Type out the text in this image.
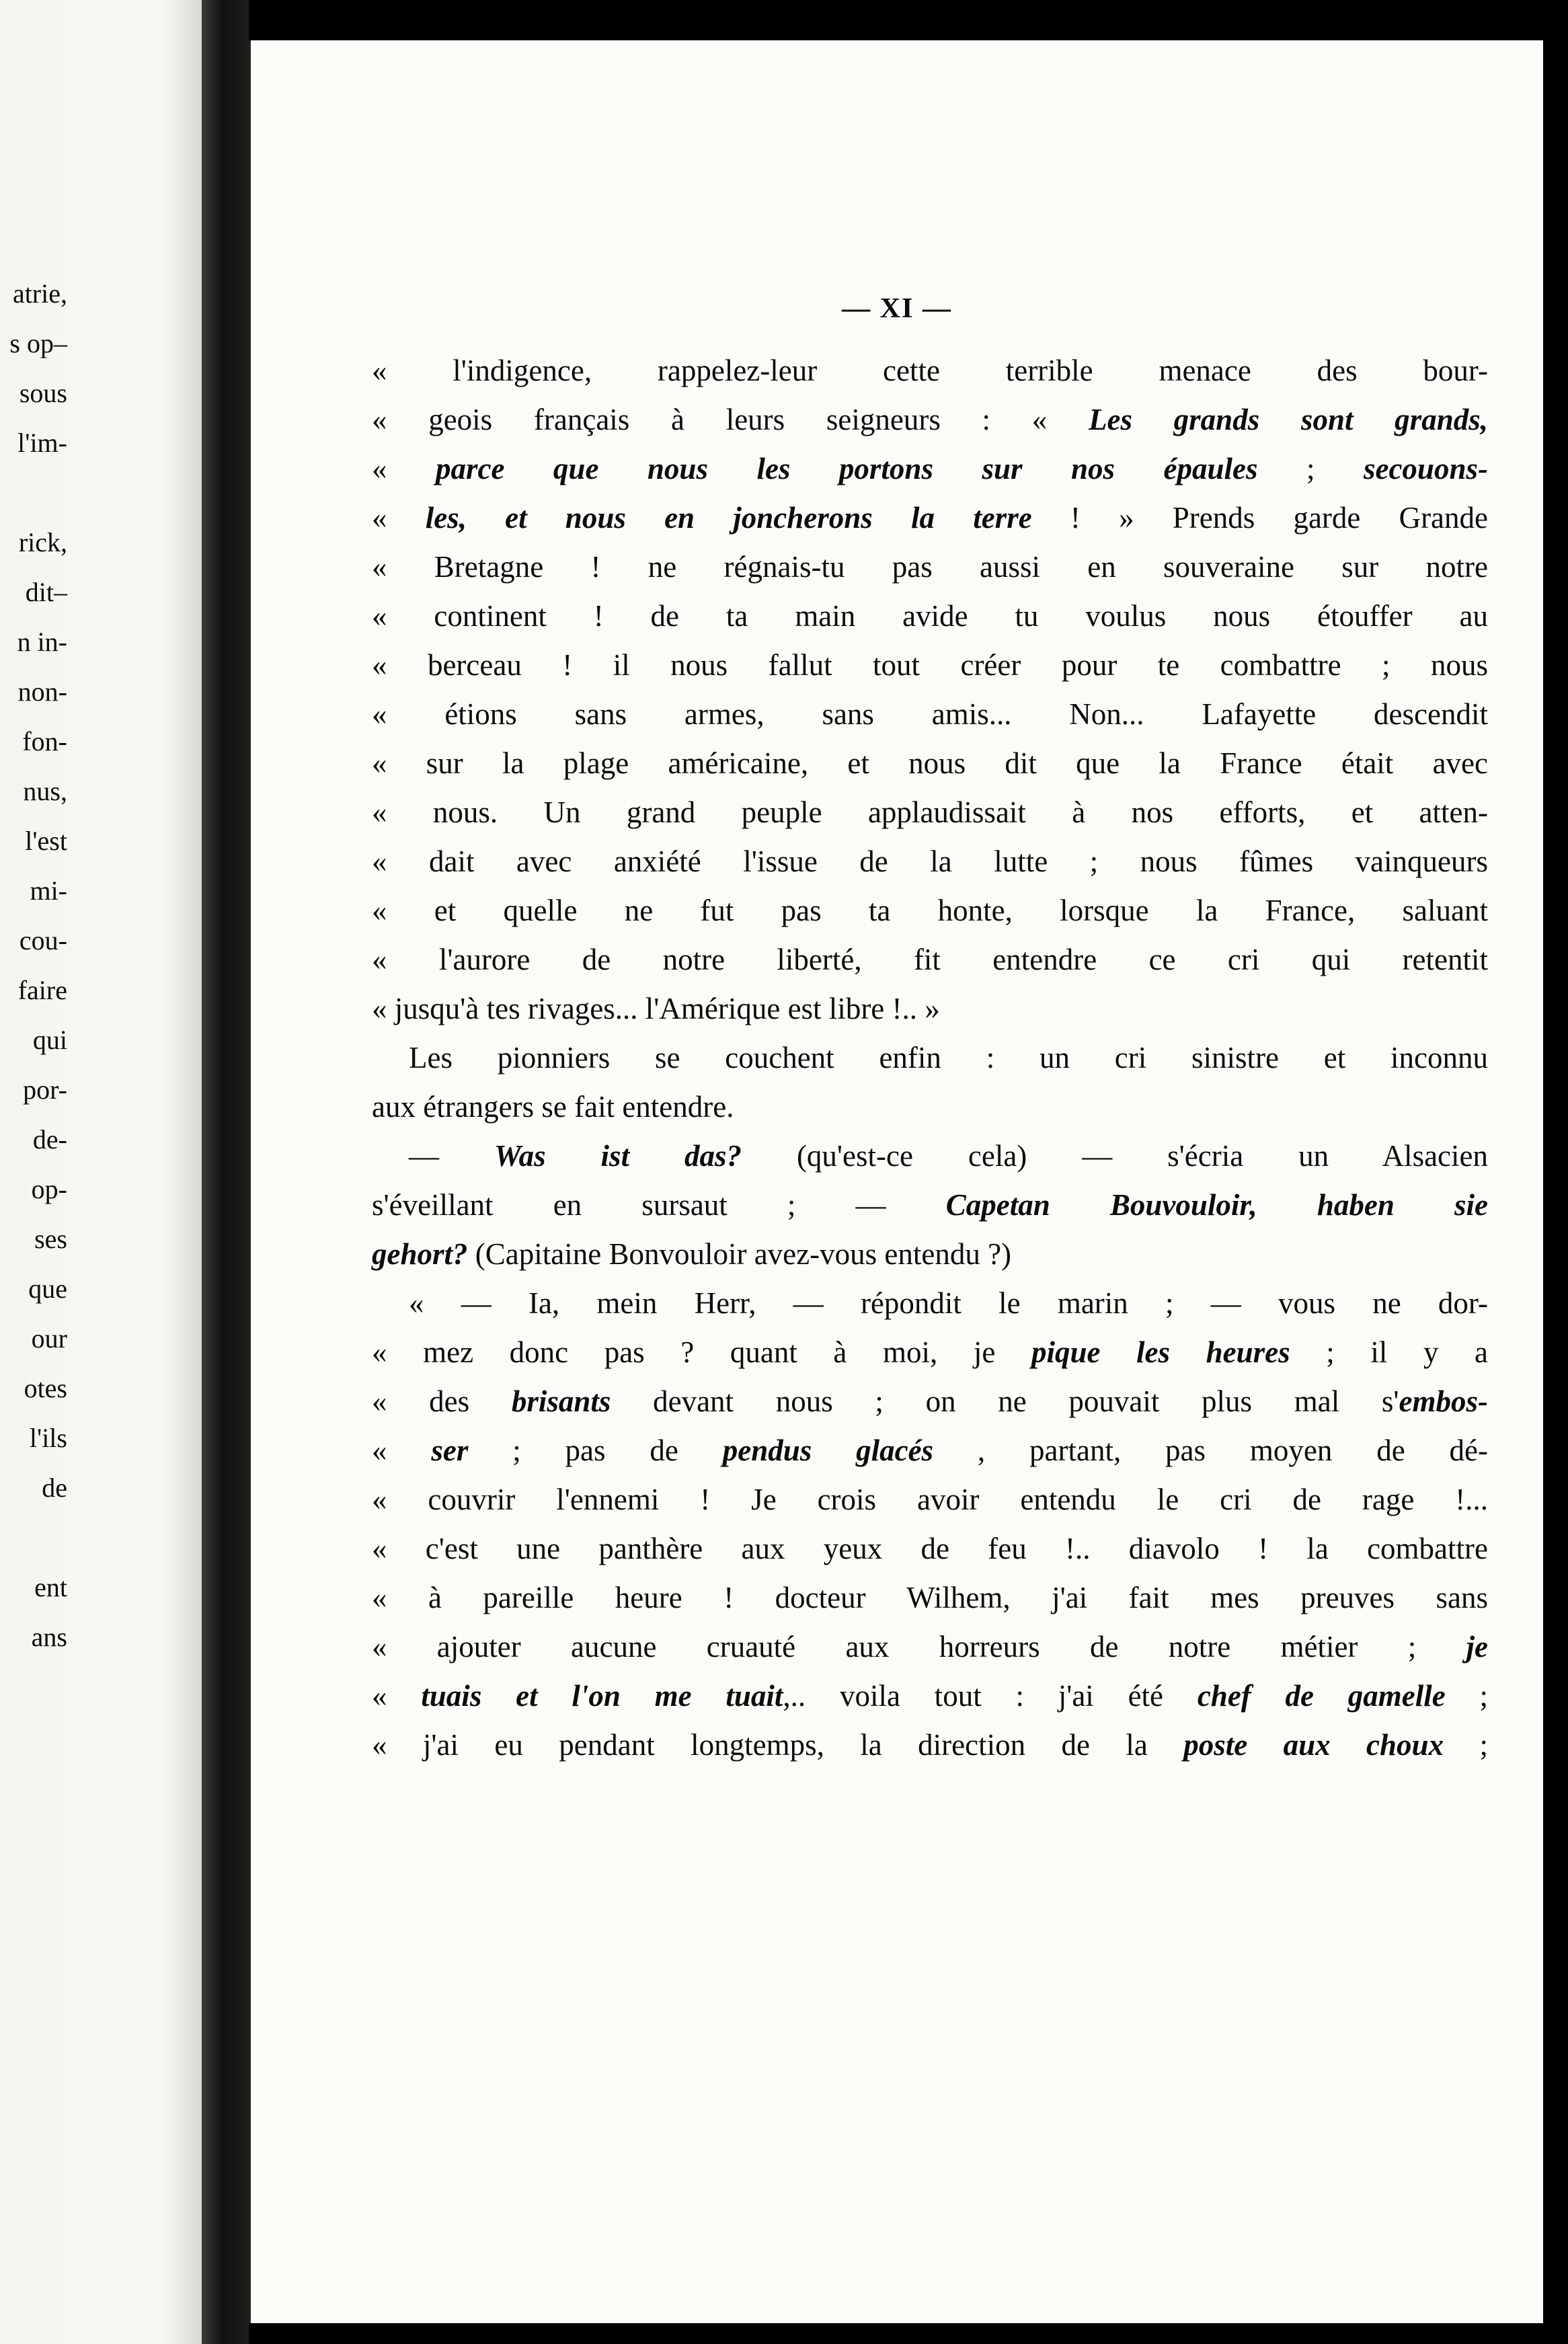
atrie,
s op–
sous
l'im-
rick,
dit–
n in-
non-
fon-
nus,
l'est
mi-
cou-
faire
qui
por-
de-
op-
ses
que
our
otes
l'ils
de
ent
ans
— XI —
« l'indigence, rappelez-leur cette terrible menace des bour-
« geois français à leurs seigneurs : « Les grands sont grands,
« parce que nous les portons sur nos épaules ; secouons-
« les, et nous en joncherons la terre ! » Prends garde Grande
« Bretagne ! ne régnais-tu pas aussi en souveraine sur notre
« continent ! de ta main avide tu voulus nous étouffer au
« berceau ! il nous fallut tout créer pour te combattre ; nous
« étions sans armes, sans amis... Non... Lafayette descendit
« sur la plage américaine, et nous dit que la France était avec
« nous. Un grand peuple applaudissait à nos efforts, et atten-
« dait avec anxiété l'issue de la lutte ; nous fûmes vainqueurs
« et quelle ne fut pas ta honte, lorsque la France, saluant
« l'aurore de notre liberté, fit entendre ce cri qui retentit
« jusqu'à tes rivages... l'Amérique est libre !.. »
Les pionniers se couchent enfin : un cri sinistre et inconnu
aux étrangers se fait entendre.
— Was ist das? (qu'est-ce cela) — s'écria un Alsacien
s'éveillant en sursaut ; — Capetan Bouvouloir, haben sie
gehort? (Capitaine Bonvouloir avez-vous entendu ?)
« — Ia, mein Herr, — répondit le marin ; — vous ne dor-
« mez donc pas ? quant à moi, je pique les heures ; il y a
« des brisants devant nous ; on ne pouvait plus mal s'embos-
« ser ; pas de pendus glacés , partant, pas moyen de dé-
« couvrir l'ennemi ! Je crois avoir entendu le cri de rage !...
« c'est une panthère aux yeux de feu !.. diavolo ! la combattre
« à pareille heure ! docteur Wilhem, j'ai fait mes preuves sans
« ajouter aucune cruauté aux horreurs de notre métier ; je
« tuais et l'on me tuait,.. voila tout : j'ai été chef de gamelle ;
« j'ai eu pendant longtemps, la direction de la poste aux choux ;
